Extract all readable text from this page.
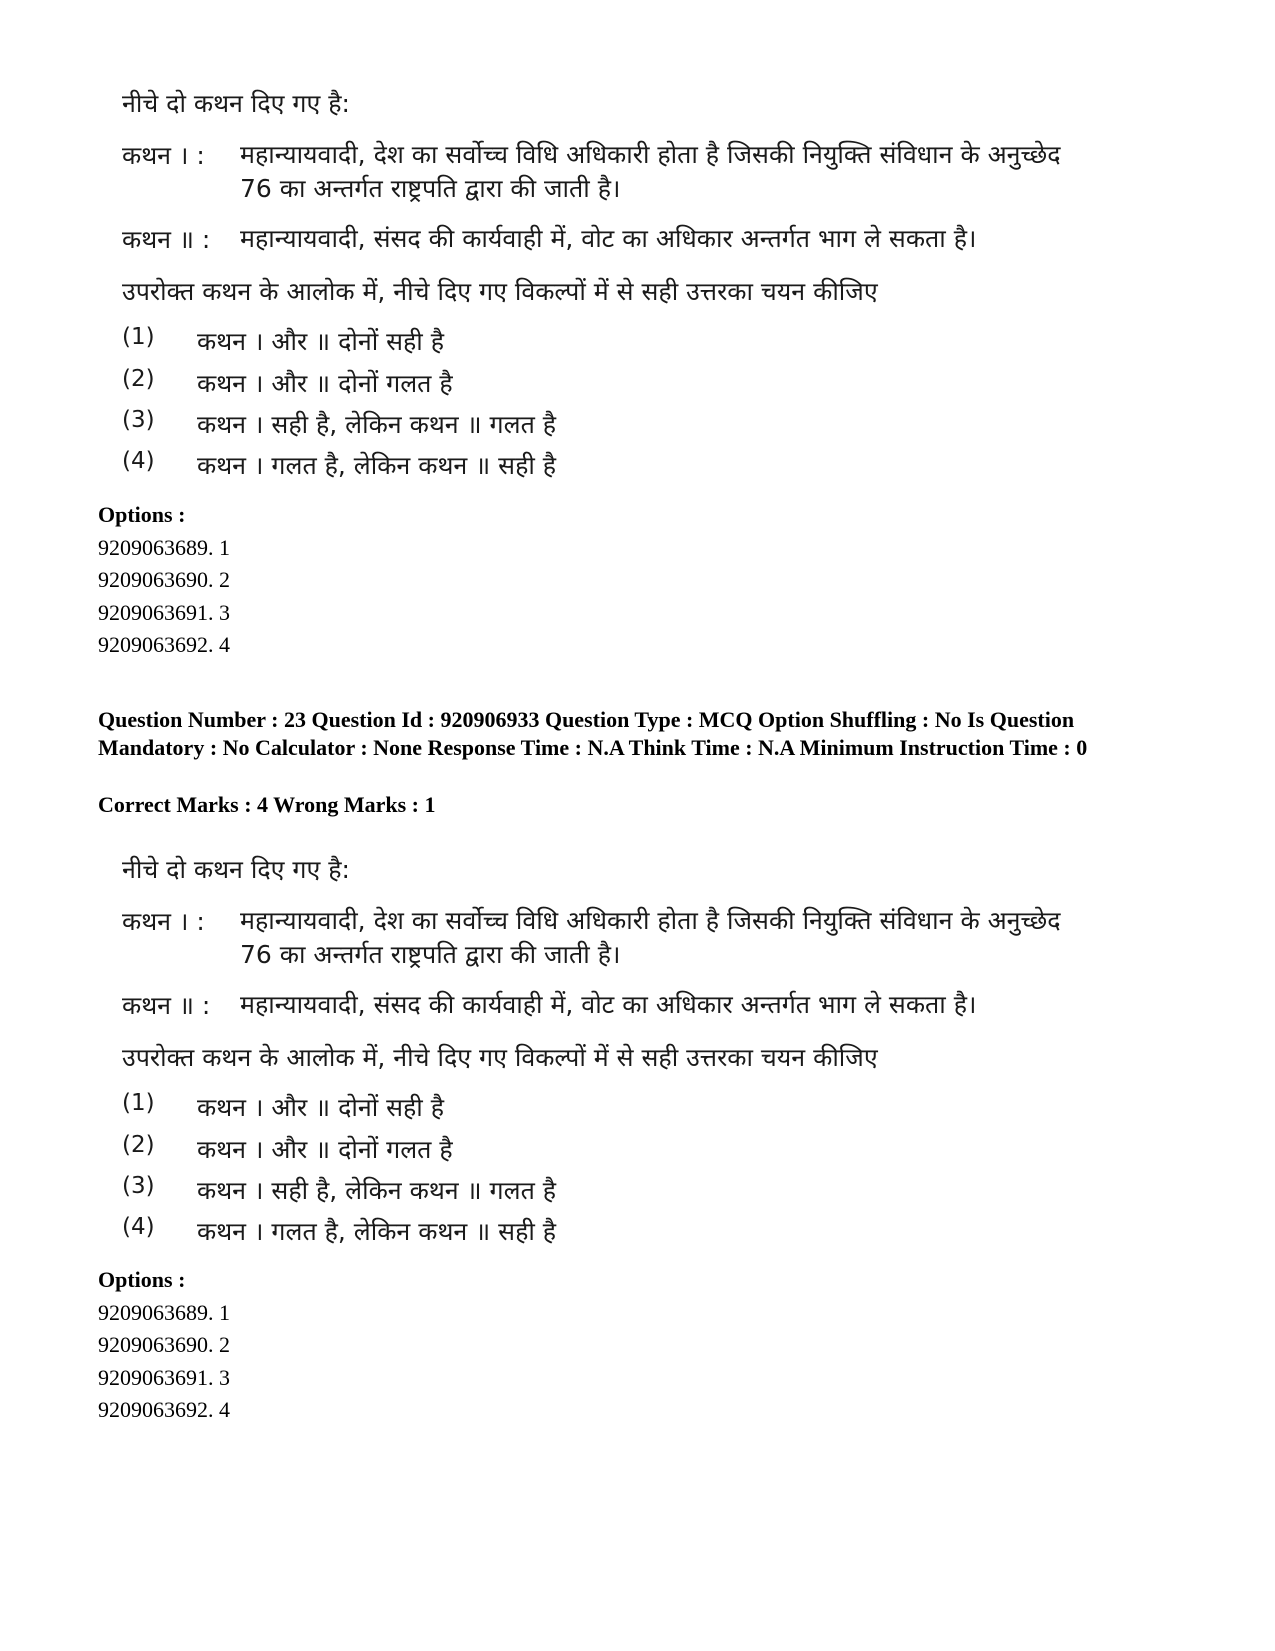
नीचे दो कथन दिए गए है:
कथन । : महान्यायवादी, देश का सर्वोच्च विधि अधिकारी होता है जिसकी नियुक्ति संविधान के अनुच्छेद 76 का अन्तर्गत राष्ट्रपति द्वारा की जाती है।
कथन ॥ : महान्यायवादी, संसद की कार्यवाही में, वोट का अधिकार अन्तर्गत भाग ले सकता है।
उपरोक्त कथन के आलोक में, नीचे दिए गए विकल्पों में से सही उत्तरका चयन कीजिए
(1) कथन । और ॥ दोनों सही है
(2) कथन । और ॥ दोनों गलत है
(3) कथन । सही है, लेकिन कथन ॥ गलत है
(4) कथन । गलत है, लेकिन कथन ॥ सही है
Options :
9209063689. 1
9209063690. 2
9209063691. 3
9209063692. 4
Question Number : 23 Question Id : 920906933 Question Type : MCQ Option Shuffling : No Is Question Mandatory : No Calculator : None Response Time : N.A Think Time : N.A Minimum Instruction Time : 0
Correct Marks : 4 Wrong Marks : 1
नीचे दो कथन दिए गए है:
कथन । : महान्यायवादी, देश का सर्वोच्च विधि अधिकारी होता है जिसकी नियुक्ति संविधान के अनुच्छेद 76 का अन्तर्गत राष्ट्रपति द्वारा की जाती है।
कथन ॥ : महान्यायवादी, संसद की कार्यवाही में, वोट का अधिकार अन्तर्गत भाग ले सकता है।
उपरोक्त कथन के आलोक में, नीचे दिए गए विकल्पों में से सही उत्तरका चयन कीजिए
(1) कथन । और ॥ दोनों सही है
(2) कथन । और ॥ दोनों गलत है
(3) कथन । सही है, लेकिन कथन ॥ गलत है
(4) कथन । गलत है, लेकिन कथन ॥ सही है
Options :
9209063689. 1
9209063690. 2
9209063691. 3
9209063692. 4
